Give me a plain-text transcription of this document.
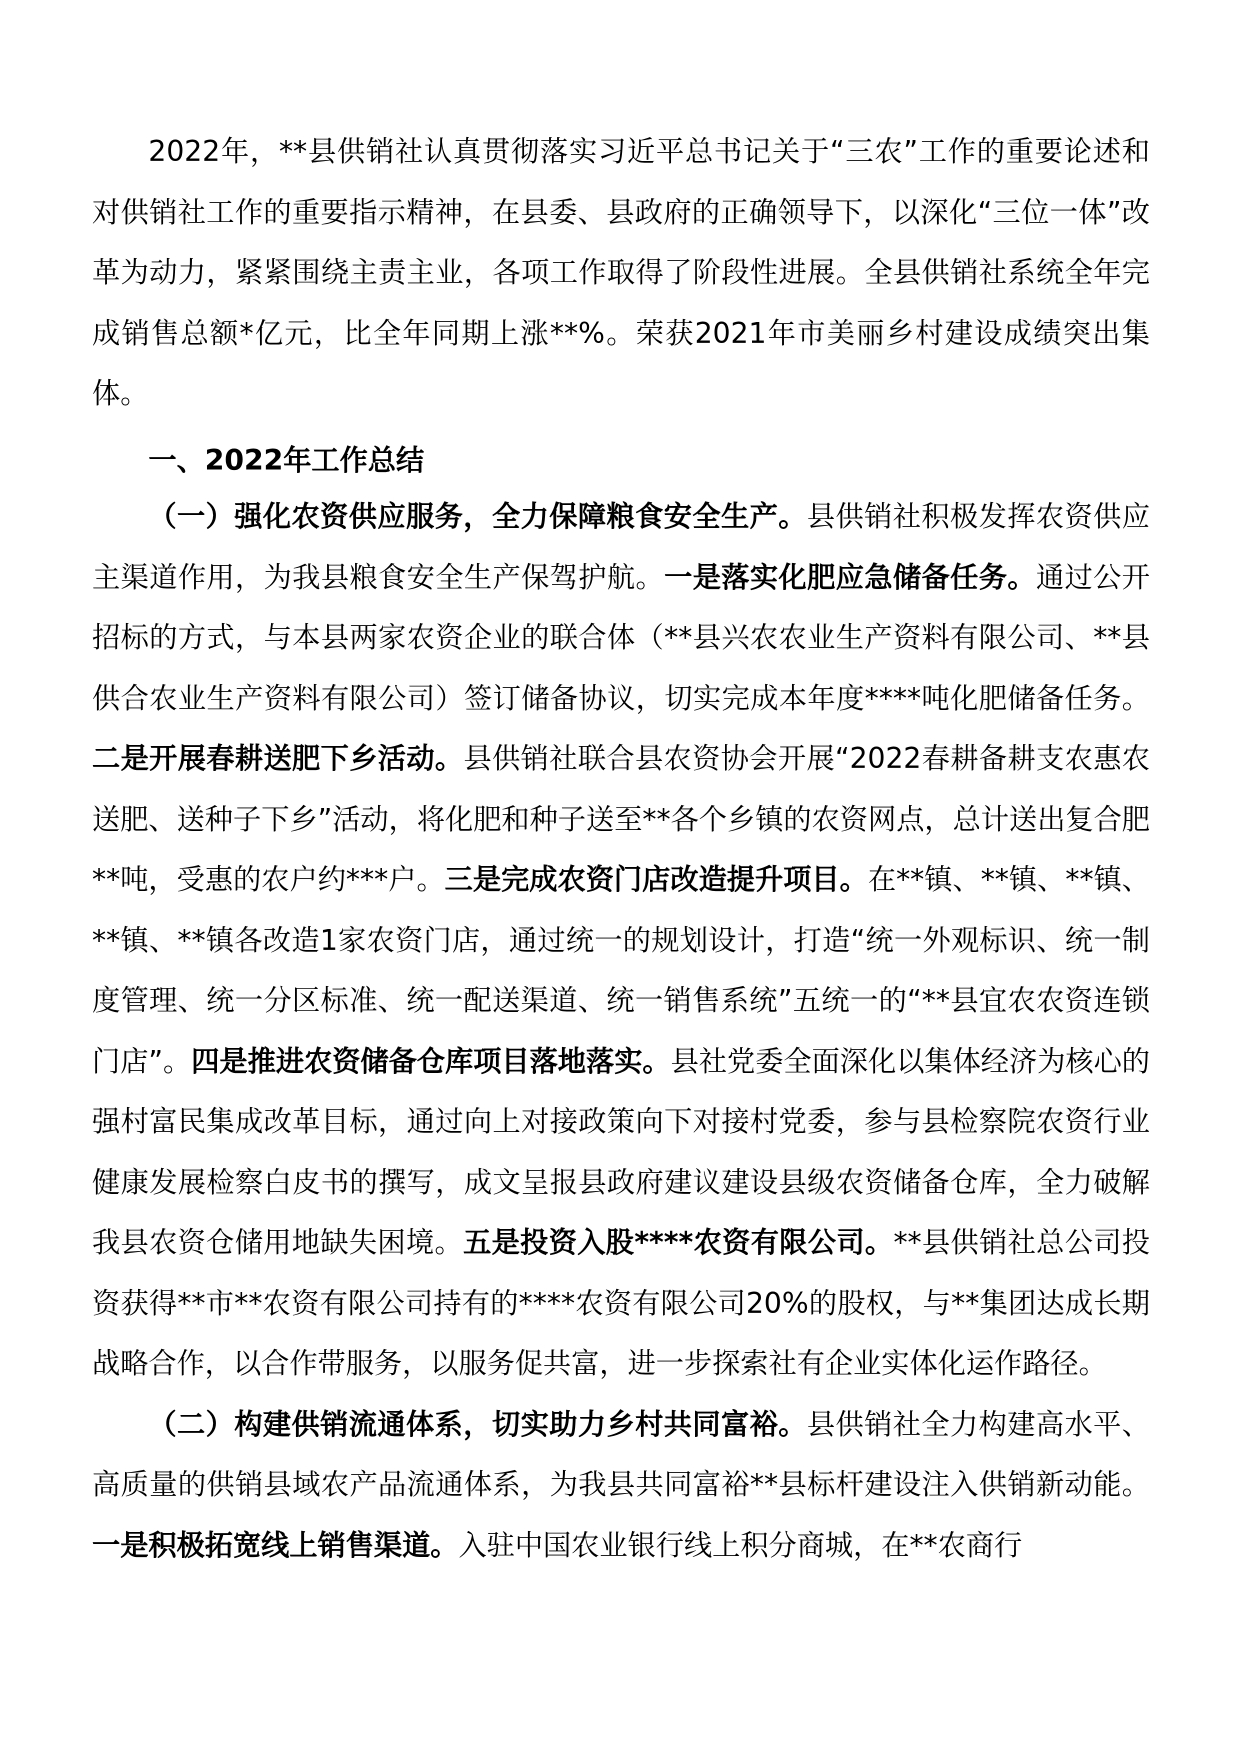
2022年，**县供销社认真贯彻落实习近平总书记关于“三农”工作的重要论述和对供销社工作的重要指示精神，在县委、县政府的正确领导下，以深化“三位一体”改革为动力，紧紧围绕主责主业，各项工作取得了阶段性进展。全县供销社系统全年完成销售总额*亿元，比全年同期上涨**%。荣获2021年市美丽乡村建设成绩突出集体。

一、2022年工作总结

（一）强化农资供应服务，全力保障粮食安全生产。县供销社积极发挥农资供应主渠道作用，为我县粮食安全生产保驾护航。一是落实化肥应急储备任务。通过公开招标的方式，与本县两家农资企业的联合体（**县兴农农业生产资料有限公司、**县供合农业生产资料有限公司）签订储备协议，切实完成本年度****吨化肥储备任务。二是开展春耕送肥下乡活动。县供销社联合县农资协会开展“2022春耕备耕支农惠农送肥、送种子下乡”活动，将化肥和种子送至**各个乡镇的农资网点，总计送出复合肥**吨，受惠的农户约***户。三是完成农资门店改造提升项目。在**镇、**镇、**镇、**镇、**镇各改造1家农资门店，通过统一的规划设计，打造“统一外观标识、统一制度管理、统一分区标准、统一配送渠道、统一销售系统”五统一的“**县宜农农资连锁门店”。四是推进农资储备仓库项目落地落实。县社党委全面深化以集体经济为核心的强村富民集成改革目标，通过向上对接政策向下对接村党委，参与县检察院农资行业健康发展检察白皮书的撰写，成文呈报县政府建议建设县级农资储备仓库，全力破解我县农资仓储用地缺失困境。五是投资入股****农资有限公司。**县供销社总公司投资获得**市**农资有限公司持有的****农资有限公司20%的股权，与**集团达成长期战略合作，以合作带服务，以服务促共富，进一步探索社有企业实体化运作路径。

（二）构建供销流通体系，切实助力乡村共同富裕。县供销社全力构建高水平、高质量的供销县域农产品流通体系，为我县共同富裕**县标杆建设注入供销新动能。一是积极拓宽线上销售渠道。入驻中国农业银行线上积分商城，在**农商行
